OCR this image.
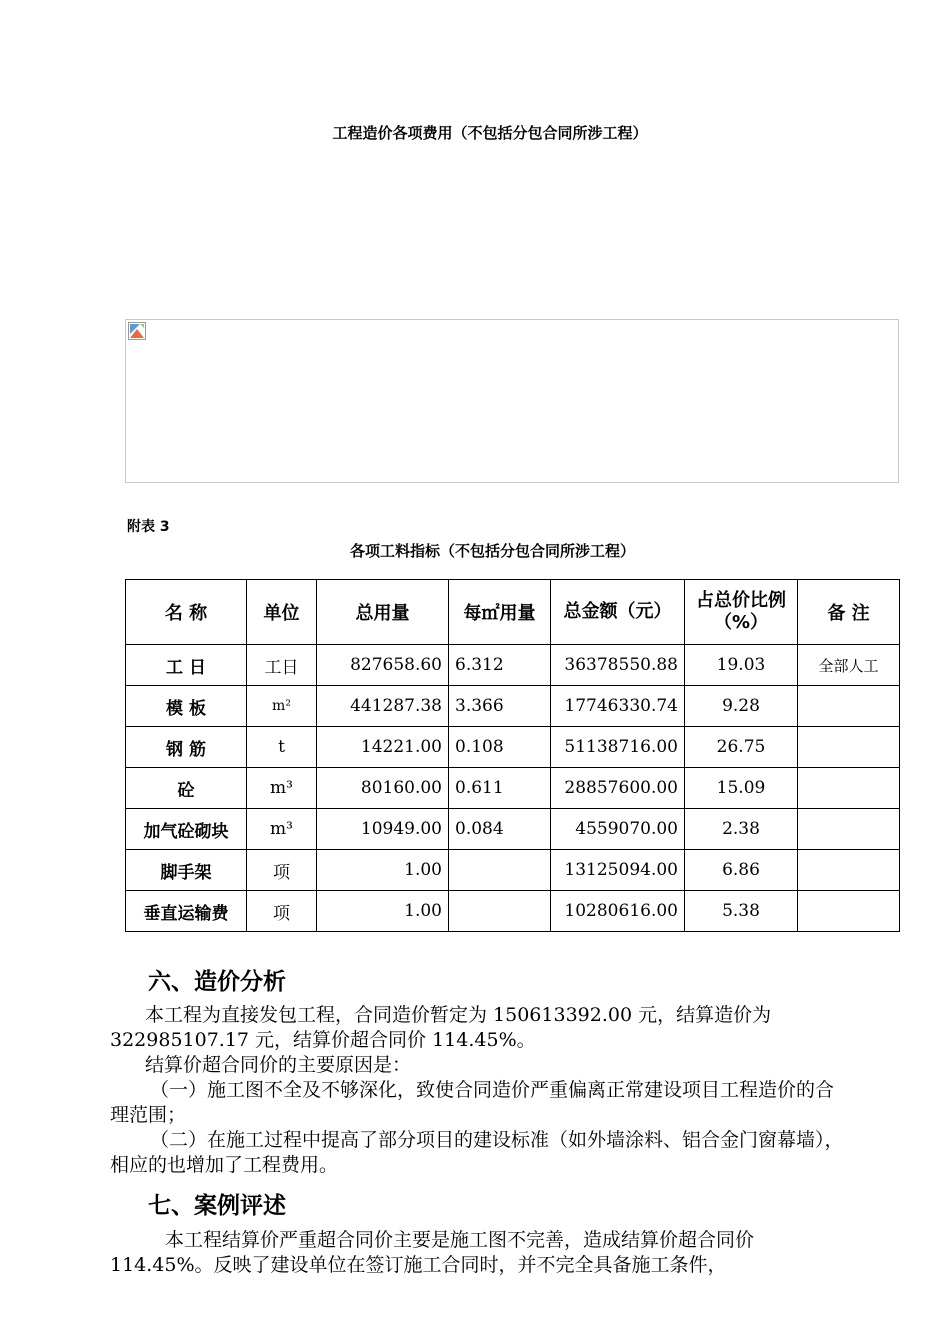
工程造价各项费用（不包括分包合同所涉工程）
附表 3
各项工料指标（不包括分包合同所涉工程）
名 称	单位	总用量	每㎡用量	总金额（元）	占总价比例（%）	备 注
工 日	工日	827658.60	6.312	36378550.88	19.03	全部人工
模 板	m²	441287.38	3.366	17746330.74	9.28	
钢 筋	t	14221.00	0.108	51138716.00	26.75	
砼	m³	80160.00	0.611	28857600.00	15.09	
加气砼砌块	m³	10949.00	0.084	4559070.00	2.38	
脚手架	项	1.00		13125094.00	6.86	
垂直运输费	项	1.00		10280616.00	5.38	
六、造价分析
本工程为直接发包工程，合同造价暂定为 150613392.00 元，结算造价为 322985107.17 元，结算价超合同价 114.45%。
结算价超合同价的主要原因是：
（一）施工图不全及不够深化，致使合同造价严重偏离正常建设项目工程造价的合理范围；
（二）在施工过程中提高了部分项目的建设标准（如外墙涂料、铝合金门窗幕墙），相应的也增加了工程费用。
七、案例评述
本工程结算价严重超合同价主要是施工图不完善，造成结算价超合同价 114.45%。反映了建设单位在签订施工合同时，并不完全具备施工条件，
